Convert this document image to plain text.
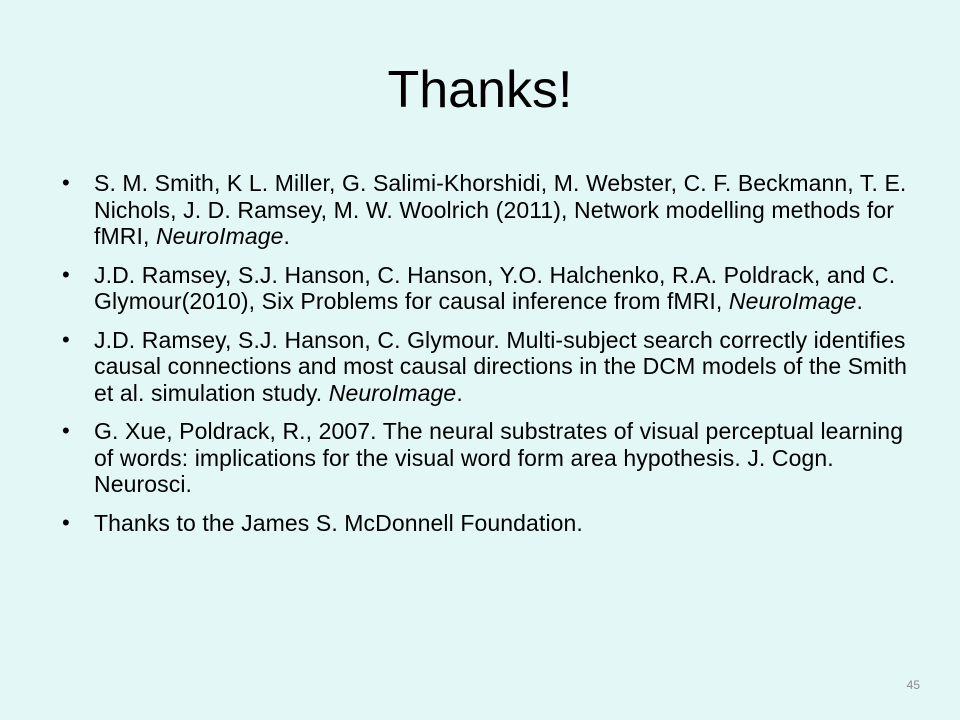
Thanks!
• S. M. Smith, K L. Miller, G. Salimi-Khorshidi, M. Webster, C. F. Beckmann, T. E. Nichols, J. D. Ramsey, M. W. Woolrich (2011), Network modelling methods for fMRI, NeuroImage.
• J.D. Ramsey, S.J. Hanson, C. Hanson, Y.O. Halchenko, R.A. Poldrack, and C. Glymour(2010), Six Problems for causal inference from fMRI, NeuroImage.
• J.D. Ramsey, S.J. Hanson, C. Glymour. Multi-subject search correctly identifies causal connections and most causal directions in the DCM models of the Smith et al. simulation study. NeuroImage.
• G. Xue, Poldrack, R., 2007. The neural substrates of visual perceptual learning of words: implications for the visual word form area hypothesis. J. Cogn. Neurosci.
• Thanks to the James S. McDonnell Foundation.
45
